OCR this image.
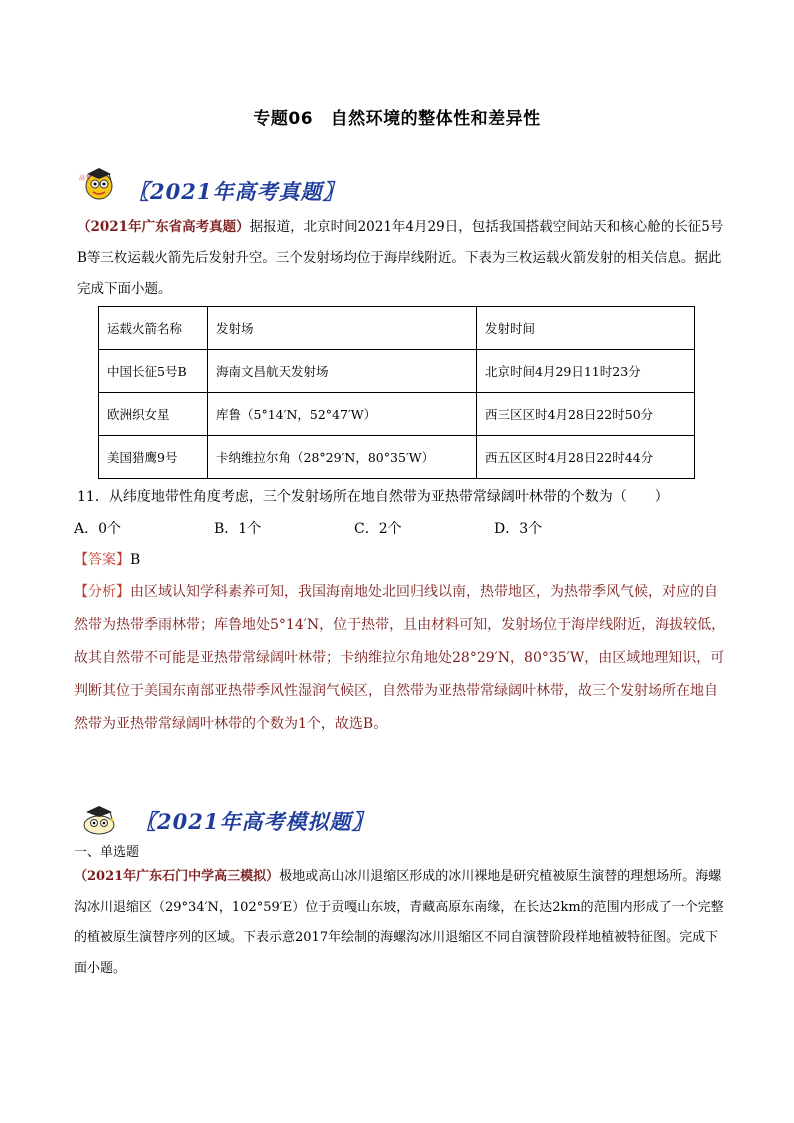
专题06　自然环境的整体性和差异性
高考
〖2021年高考真题〗
（2021年广东省高考真题）据报道，北京时间2021年4月29日，包括我国搭载空间站天和核心舱的长征5号B等三枚运载火箭先后发射升空。三个发射场均位于海岸线附近。下表为三枚运载火箭发射的相关信息。据此完成下面小题。
运载火箭名称	发射场	发射时间
中国长征5号B	海南文昌航天发射场	北京时间4月29日11时23分
欧洲织女星	库鲁（5°14′N，52°47′W）	西三区区时4月28日22时50分
美国猎鹰9号	卡纳维拉尔角（28°29′N，80°35′W）	西五区区时4月28日22时44分
11．从纬度地带性角度考虑，三个发射场所在地自然带为亚热带常绿阔叶林带的个数为（　　）
A．0个	B．1个	C．2个	D．3个
【答案】B
【分析】由区域认知学科素养可知，我国海南地处北回归线以南，热带地区，为热带季风气候，对应的自然带为热带季雨林带；库鲁地处5°14′N，位于热带，且由材料可知，发射场位于海岸线附近，海拔较低，故其自然带不可能是亚热带常绿阔叶林带；卡纳维拉尔角地处28°29′N，80°35′W，由区域地理知识，可判断其位于美国东南部亚热带季风性湿润气候区，自然带为亚热带常绿阔叶林带，故三个发射场所在地自然带为亚热带常绿阔叶林带的个数为1个，故选B。
〖2021年高考模拟题〗
一、单选题
（2021年广东石门中学高三模拟）极地或高山冰川退缩区形成的冰川裸地是研究植被原生演替的理想场所。海螺沟冰川退缩区（29°34′N，102°59′E）位于贡嘎山东坡，青藏高原东南缘，在长达2km的范围内形成了一个完整的植被原生演替序列的区域。下表示意2017年绘制的海螺沟冰川退缩区不同自演替阶段样地植被特征图。完成下面小题。
